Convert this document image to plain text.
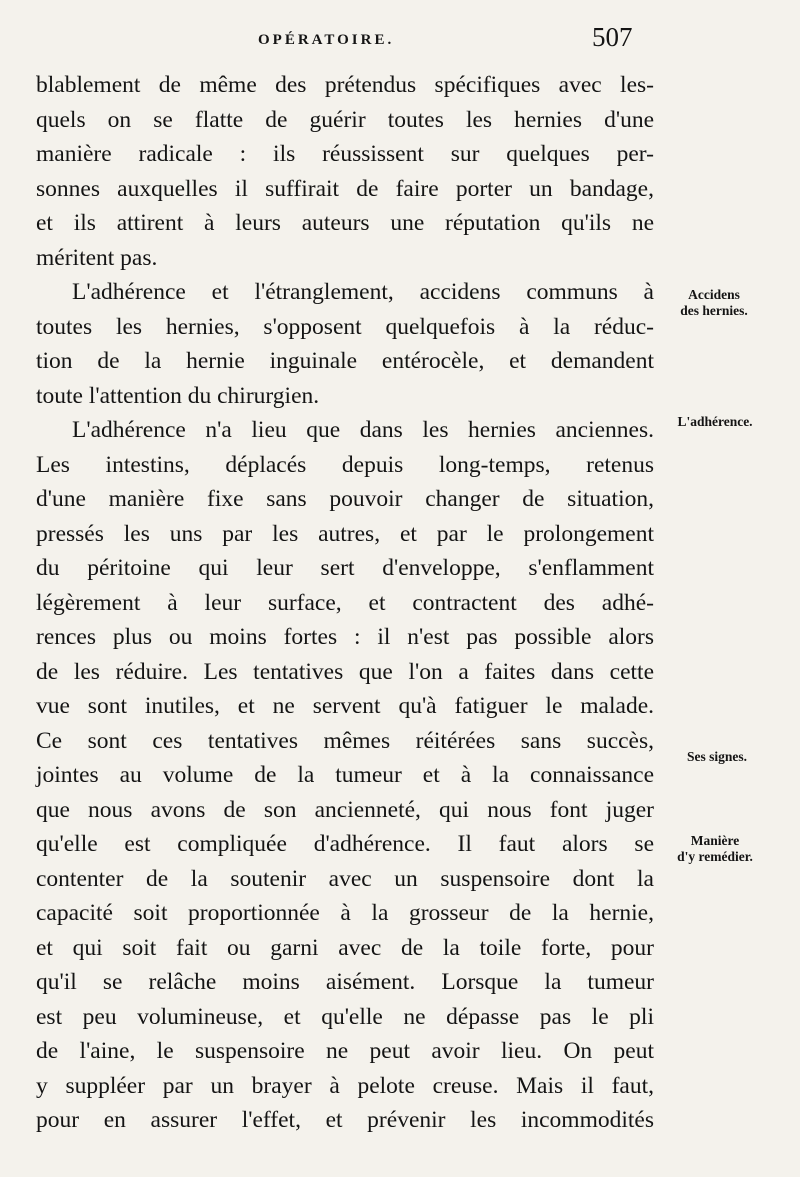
OPÉRATOIRE.	507
blablement de même des prétendus spécifiques avec les-
quels on se flatte de guérir toutes les hernies d'une
manière radicale : ils réussissent sur quelques per-
sonnes auxquelles il suffirait de faire porter un bandage,
et ils attirent à leurs auteurs une réputation qu'ils ne
méritent pas.
L'adhérence et l'étranglement, accidens communs à
toutes les hernies, s'opposent quelquefois à la réduc-
tion de la hernie inguinale entérocèle, et demandent
toute l'attention du chirurgien.
L'adhérence n'a lieu que dans les hernies anciennes.
Les intestins, déplacés depuis long-temps, retenus
d'une manière fixe sans pouvoir changer de situation,
pressés les uns par les autres, et par le prolongement
du péritoine qui leur sert d'enveloppe, s'enflamment
légèrement à leur surface, et contractent des adhé-
rences plus ou moins fortes : il n'est pas possible alors
de les réduire. Les tentatives que l'on a faites dans cette
vue sont inutiles, et ne servent qu'à fatiguer le malade.
Ce sont ces tentatives mêmes réitérées sans succès,
jointes au volume de la tumeur et à la connaissance
que nous avons de son ancienneté, qui nous font juger
qu'elle est compliquée d'adhérence. Il faut alors se
contenter de la soutenir avec un suspensoire dont la
capacité soit proportionnée à la grosseur de la hernie,
et qui soit fait ou garni avec de la toile forte, pour
qu'il se relâche moins aisément. Lorsque la tumeur
est peu volumineuse, et qu'elle ne dépasse pas le pli
de l'aine, le suspensoire ne peut avoir lieu. On peut
y suppléer par un brayer à pelote creuse. Mais il faut,
pour en assurer l'effet, et prévenir les incommodités
Accidens
des hernies.
L'adhérence.
Ses signes.
Manière
d'y remédier.
